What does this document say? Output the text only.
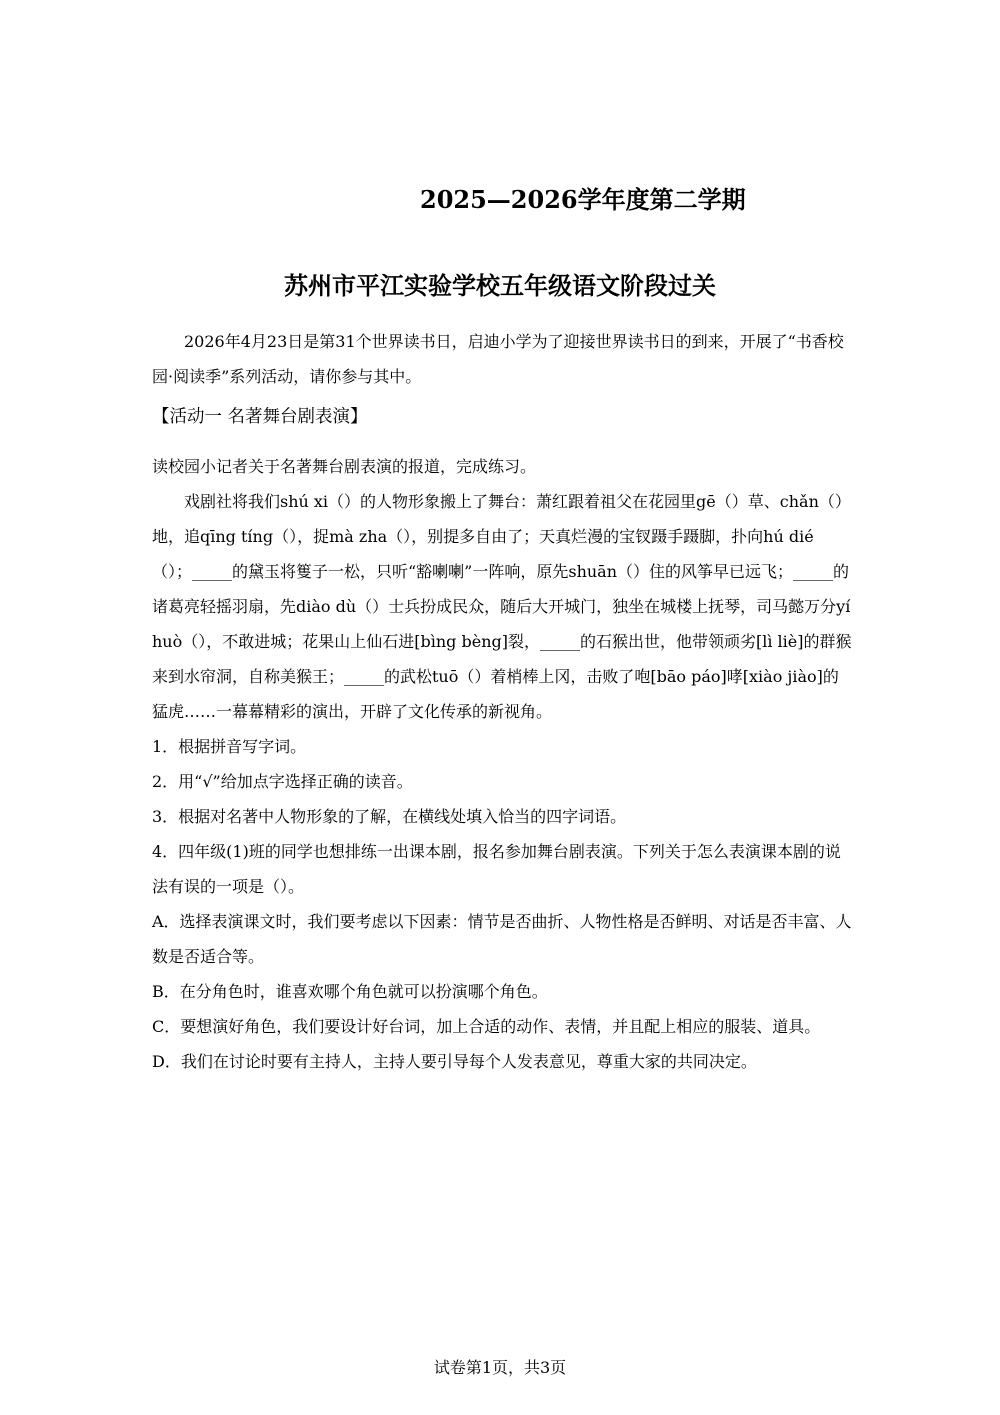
2025—2026学年度第二学期
苏州市平江实验学校五年级语文阶段过关

2026年4月23日是第31个世界读书日，启迪小学为了迎接世界读书日的到来，开展了“书香校园·阅读季”系列活动，请你参与其中。

【活动一 名著舞台剧表演】

读校园小记者关于名著舞台剧表演的报道，完成练习。

戏剧社将我们shú xi（）的人物形象搬上了舞台：萧红跟着祖父在花园里gē（）草、chǎn（）地，追qīng tíng（），捉mà zha（），别提多自由了；天真烂漫的宝钗蹑手蹑脚，扑向hú dié（）；_____的黛玉将篗子一松，只听“豁喇喇”一阵响，原先shuān（）住的风筝早已远飞；_____的诸葛亮轻摇羽扇，先diào dù（）士兵扮成民众，随后大开城门，独坐在城楼上抚琴，司马懿万分yí huò（），不敢进城；花果山上仙石进[bìng bèng]裂，_____的石猴出世，他带领顽劣[lì liè]的群猴来到水帘洞，自称美猴王；_____的武松tuō（）着梢棒上冈，击败了咆[bāo páo]哮[xiào jiào]的猛虎……一幕幕精彩的演出，开辟了文化传承的新视角。

1．根据拼音写字词。

2．用“√”给加点字选择正确的读音。

3．根据对名著中人物形象的了解，在横线处填入恰当的四字词语。

4．四年级(1)班的同学也想排练一出课本剧，报名参加舞台剧表演。下列关于怎么表演课本剧的说法有误的一项是（）。

A．选择表演课文时，我们要考虑以下因素：情节是否曲折、人物性格是否鲜明、对话是否丰富、人数是否适合等。

B．在分角色时，谁喜欢哪个角色就可以扮演哪个角色。

C．要想演好角色，我们要设计好台词，加上合适的动作、表情，并且配上相应的服装、道具。

D．我们在讨论时要有主持人，主持人要引导每个人发表意见，尊重大家的共同决定。

试卷第1页，共3页
